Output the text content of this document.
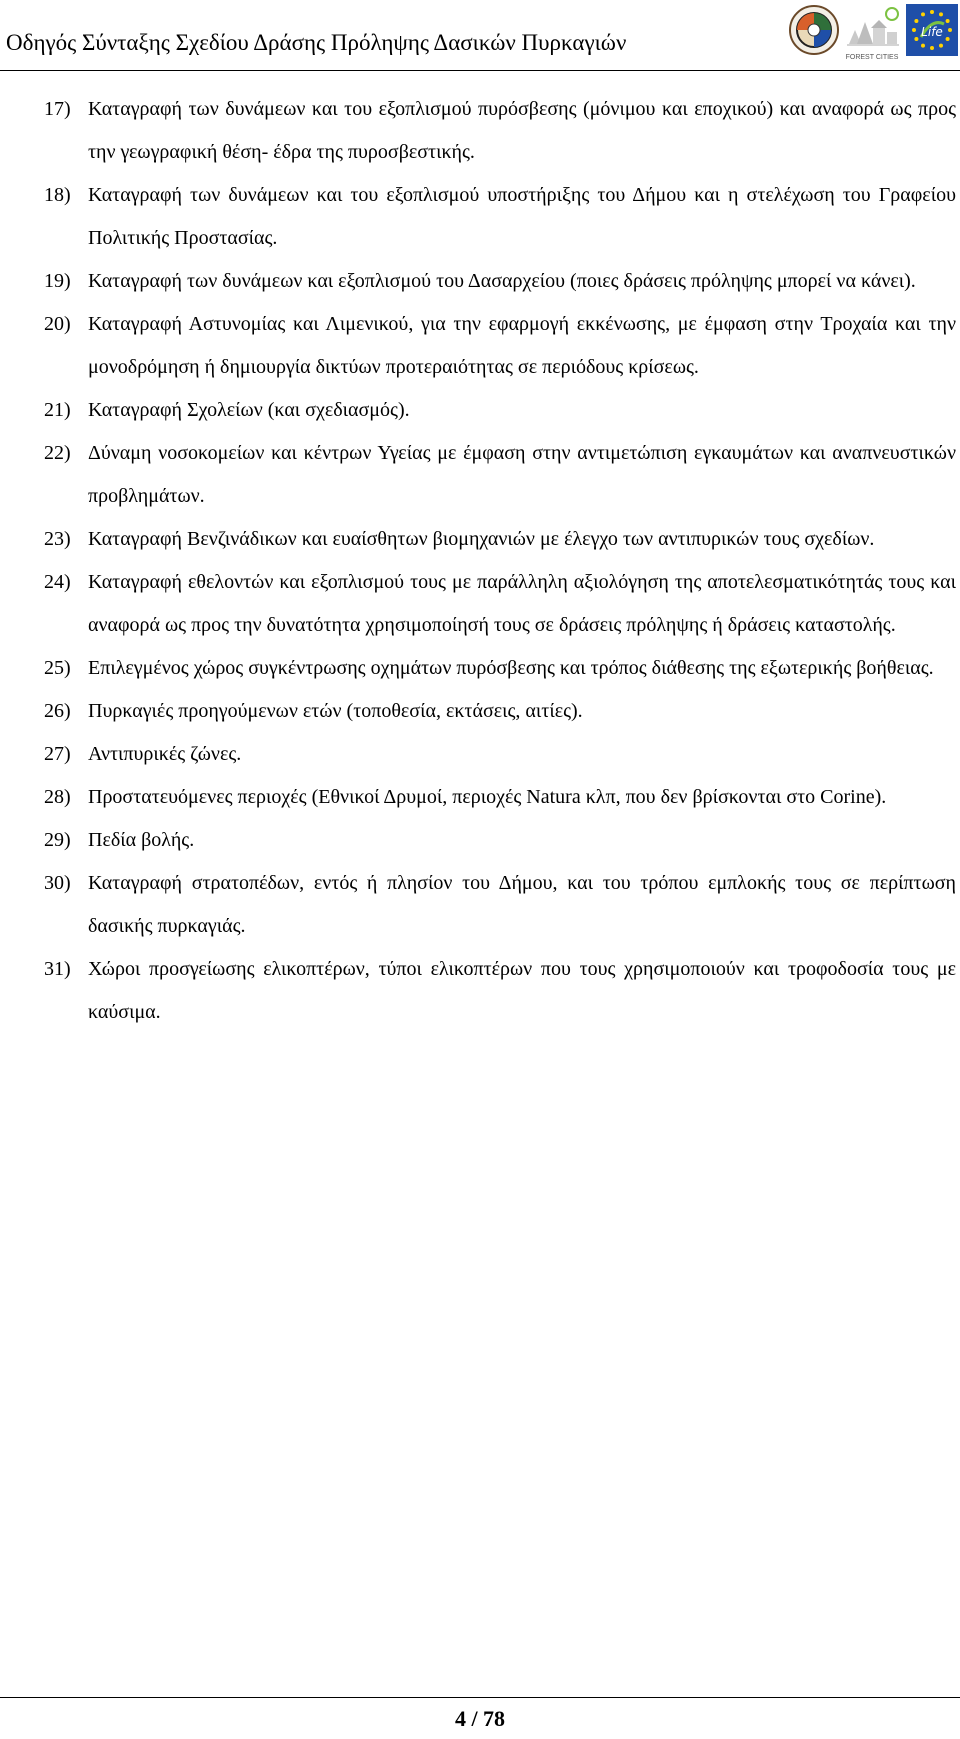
Οδηγός Σύνταξης Σχεδίου Δράσης Πρόληψης Δασικών Πυρκαγιών
FOREST CITIES
Life
17) Καταγραφή των δυνάμεων και του εξοπλισμού πυρόσβεσης (μόνιμου και εποχικού) και αναφορά ως προς την γεωγραφική θέση- έδρα της πυροσβεστικής.
18) Καταγραφή των δυνάμεων και του εξοπλισμού υποστήριξης του Δήμου και η στελέχωση του Γραφείου Πολιτικής Προστασίας.
19) Καταγραφή των δυνάμεων και εξοπλισμού του Δασαρχείου (ποιες δράσεις πρόληψης μπορεί να κάνει).
20) Καταγραφή Αστυνομίας και Λιμενικού, για την εφαρμογή εκκένωσης, με έμφαση στην Τροχαία και την μονοδρόμηση ή δημιουργία δικτύων προτεραιότητας σε περιόδους κρίσεως.
21) Καταγραφή Σχολείων (και σχεδιασμός).
22) Δύναμη νοσοκομείων και κέντρων Υγείας με έμφαση στην αντιμετώπιση εγκαυμάτων και αναπνευστικών προβλημάτων.
23) Καταγραφή Βενζινάδικων και ευαίσθητων βιομηχανιών με έλεγχο των αντιπυρικών τους σχεδίων.
24) Καταγραφή εθελοντών και εξοπλισμού τους με παράλληλη αξιολόγηση της αποτελεσματικότητάς τους και αναφορά ως προς την δυνατότητα χρησιμοποίησή τους σε δράσεις πρόληψης ή δράσεις καταστολής.
25) Επιλεγμένος χώρος συγκέντρωσης οχημάτων πυρόσβεσης και τρόπος διάθεσης της εξωτερικής βοήθειας.
26) Πυρκαγιές προηγούμενων ετών (τοποθεσία, εκτάσεις, αιτίες).
27) Αντιπυρικές ζώνες.
28) Προστατευόμενες περιοχές (Εθνικοί Δρυμοί, περιοχές Natura κλπ, που δεν βρίσκονται στο Corine).
29) Πεδία βολής.
30) Καταγραφή στρατοπέδων, εντός ή πλησίον του Δήμου, και του τρόπου εμπλοκής τους σε περίπτωση δασικής πυρκαγιάς.
31) Χώροι προσγείωσης ελικοπτέρων, τύποι ελικοπτέρων που τους χρησιμοποιούν και τροφοδοσία τους με καύσιμα.
4 / 78
